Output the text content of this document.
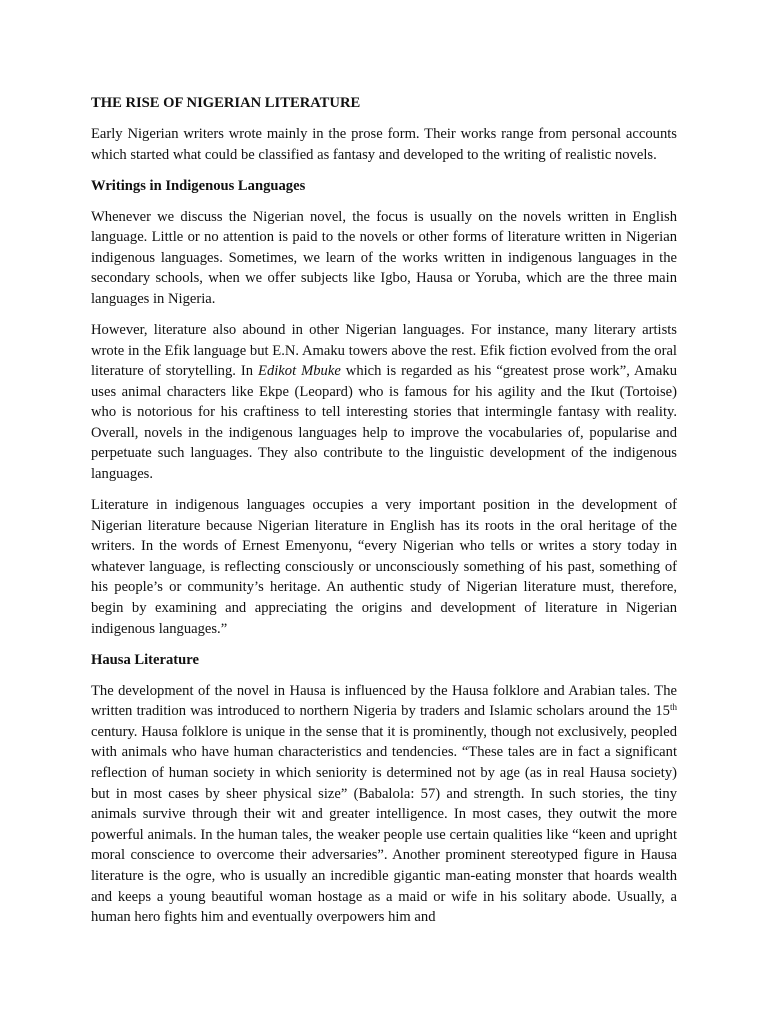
THE RISE OF NIGERIAN LITERATURE

Early Nigerian writers wrote mainly in the prose form. Their works range from personal accounts which started what could be classified as fantasy and developed to the writing of realistic novels.

Writings in Indigenous Languages

Whenever we discuss the Nigerian novel, the focus is usually on the novels written in English language. Little or no attention is paid to the novels or other forms of literature written in Nigerian indigenous languages. Sometimes, we learn of the works written in indigenous languages in the secondary schools, when we offer subjects like Igbo, Hausa or Yoruba, which are the three main languages in Nigeria.

However, literature also abound in other Nigerian languages. For instance, many literary artists wrote in the Efik language but E.N. Amaku towers above the rest. Efik fiction evolved from the oral literature of storytelling. In Edikot Mbuke which is regarded as his “greatest prose work”, Amaku uses animal characters like Ekpe (Leopard) who is famous for his agility and the Ikut (Tortoise) who is notorious for his craftiness to tell interesting stories that intermingle fantasy with reality. Overall, novels in the indigenous languages help to improve the vocabularies of, popularise and perpetuate such languages. They also contribute to the linguistic development of the indigenous languages.

Literature in indigenous languages occupies a very important position in the development of Nigerian literature because Nigerian literature in English has its roots in the oral heritage of the writers. In the words of Ernest Emenyonu, “every Nigerian who tells or writes a story today in whatever language, is reflecting consciously or unconsciously something of his past, something of his people’s or community’s heritage. An authentic study of Nigerian literature must, therefore, begin by examining and appreciating the origins and development of literature in Nigerian indigenous languages.”

Hausa Literature

The development of the novel in Hausa is influenced by the Hausa folklore and Arabian tales. The written tradition was introduced to northern Nigeria by traders and Islamic scholars around the 15th century. Hausa folklore is unique in the sense that it is prominently, though not exclusively, peopled with animals who have human characteristics and tendencies. “These tales are in fact a significant reflection of human society in which seniority is determined not by age (as in real Hausa society) but in most cases by sheer physical size” (Babalola: 57) and strength. In such stories, the tiny animals survive through their wit and greater intelligence. In most cases, they outwit the more powerful animals. In the human tales, the weaker people use certain qualities like “keen and upright moral conscience to overcome their adversaries”. Another prominent stereotyped figure in Hausa literature is the ogre, who is usually an incredible gigantic man-eating monster that hoards wealth and keeps a young beautiful woman hostage as a maid or wife in his solitary abode. Usually, a human hero fights him and eventually overpowers him and
